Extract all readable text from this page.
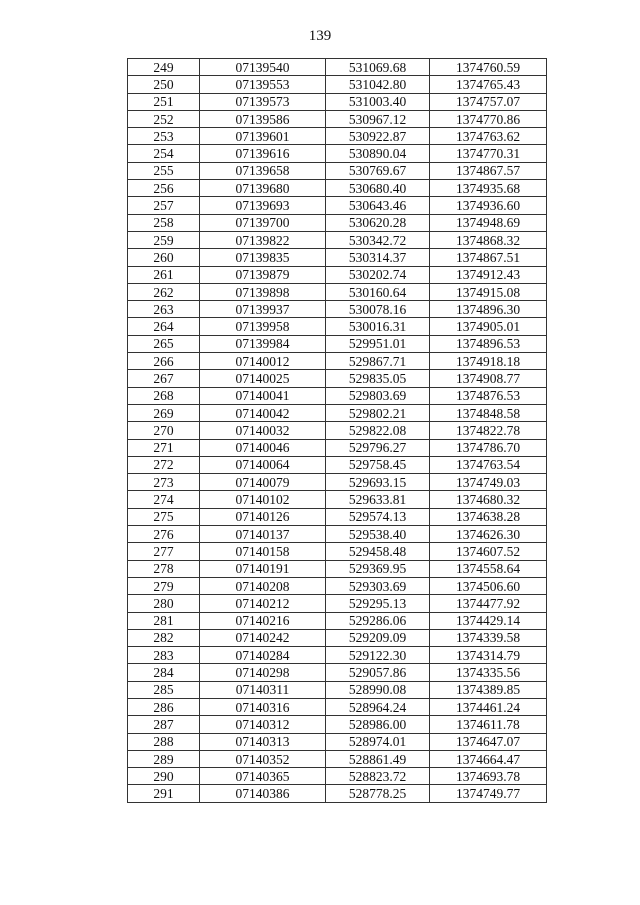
139
249	07139540	531069.68	1374760.59
250	07139553	531042.80	1374765.43
251	07139573	531003.40	1374757.07
252	07139586	530967.12	1374770.86
253	07139601	530922.87	1374763.62
254	07139616	530890.04	1374770.31
255	07139658	530769.67	1374867.57
256	07139680	530680.40	1374935.68
257	07139693	530643.46	1374936.60
258	07139700	530620.28	1374948.69
259	07139822	530342.72	1374868.32
260	07139835	530314.37	1374867.51
261	07139879	530202.74	1374912.43
262	07139898	530160.64	1374915.08
263	07139937	530078.16	1374896.30
264	07139958	530016.31	1374905.01
265	07139984	529951.01	1374896.53
266	07140012	529867.71	1374918.18
267	07140025	529835.05	1374908.77
268	07140041	529803.69	1374876.53
269	07140042	529802.21	1374848.58
270	07140032	529822.08	1374822.78
271	07140046	529796.27	1374786.70
272	07140064	529758.45	1374763.54
273	07140079	529693.15	1374749.03
274	07140102	529633.81	1374680.32
275	07140126	529574.13	1374638.28
276	07140137	529538.40	1374626.30
277	07140158	529458.48	1374607.52
278	07140191	529369.95	1374558.64
279	07140208	529303.69	1374506.60
280	07140212	529295.13	1374477.92
281	07140216	529286.06	1374429.14
282	07140242	529209.09	1374339.58
283	07140284	529122.30	1374314.79
284	07140298	529057.86	1374335.56
285	07140311	528990.08	1374389.85
286	07140316	528964.24	1374461.24
287	07140312	528986.00	1374611.78
288	07140313	528974.01	1374647.07
289	07140352	528861.49	1374664.47
290	07140365	528823.72	1374693.78
291	07140386	528778.25	1374749.77
